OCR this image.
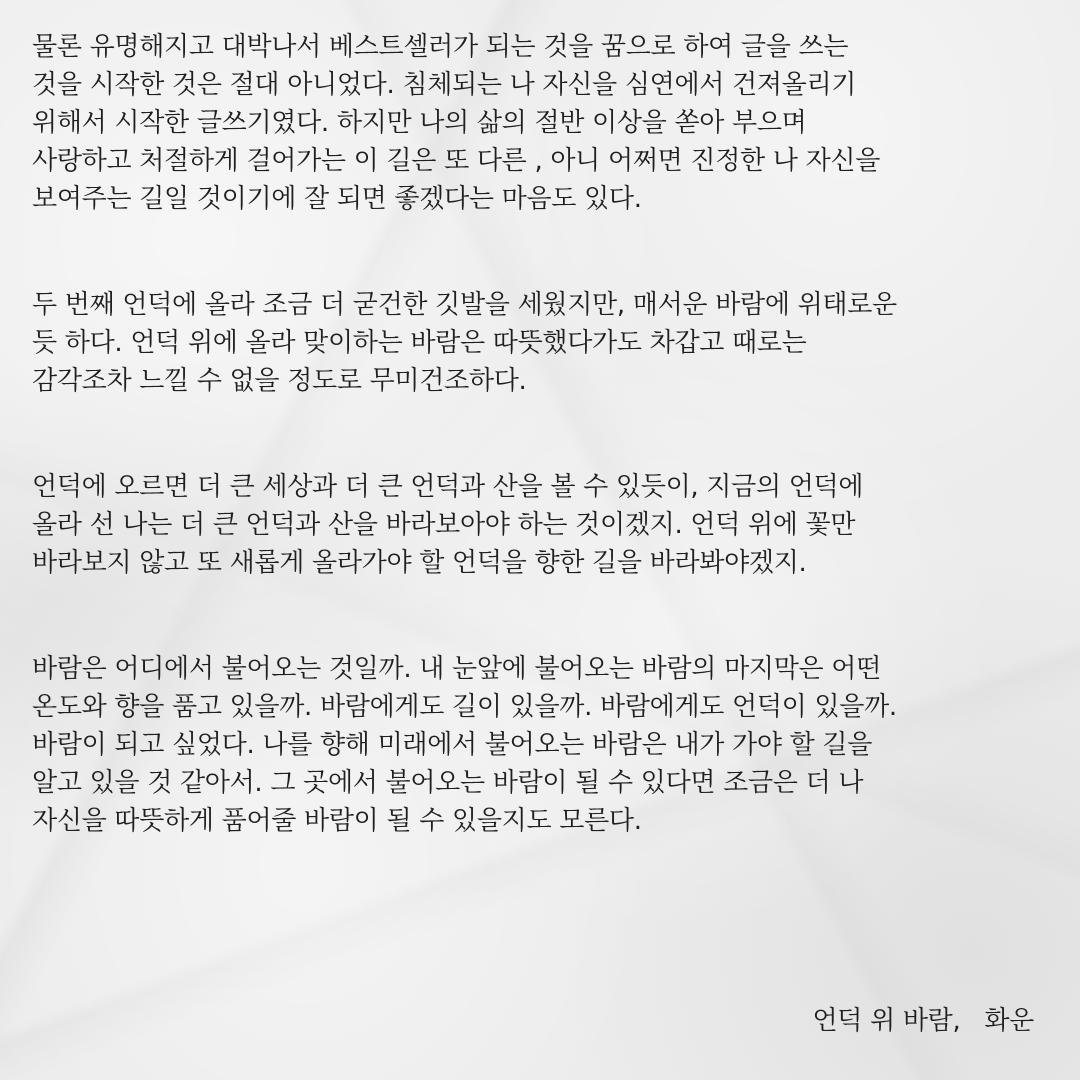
물론 유명해지고 대박나서 베스트셀러가 되는 것을 꿈으로 하여 글을 쓰는
것을 시작한 것은 절대 아니었다. 침체되는 나 자신을 심연에서 건져올리기
위해서 시작한 글쓰기였다. 하지만 나의 삶의 절반 이상을 쏟아 부으며
사랑하고 처절하게 걸어가는 이 길은 또 다른 , 아니 어쩌면 진정한 나 자신을
보여주는 길일 것이기에 잘 되면 좋겠다는 마음도 있다.
두 번째 언덕에 올라 조금 더 굳건한 깃발을 세웠지만, 매서운 바람에 위태로운
듯 하다. 언덕 위에 올라 맞이하는 바람은 따뜻했다가도 차갑고 때로는
감각조차 느낄 수 없을 정도로 무미건조하다.
언덕에 오르면 더 큰 세상과 더 큰 언덕과 산을 볼 수 있듯이, 지금의 언덕에
올라 선 나는 더 큰 언덕과 산을 바라보아야 하는 것이겠지. 언덕 위에 꽃만
바라보지 않고 또 새롭게 올라가야 할 언덕을 향한 길을 바라봐야겠지.
바람은 어디에서 불어오는 것일까. 내 눈앞에 불어오는 바람의 마지막은 어떤
온도와 향을 품고 있을까. 바람에게도 길이 있을까. 바람에게도 언덕이 있을까.
바람이 되고 싶었다. 나를 향해 미래에서 불어오는 바람은 내가 가야 할 길을
알고 있을 것 같아서. 그 곳에서 불어오는 바람이 될 수 있다면 조금은 더 나
자신을 따뜻하게 품어줄 바람이 될 수 있을지도 모른다.
언덕 위 바람,   화운
